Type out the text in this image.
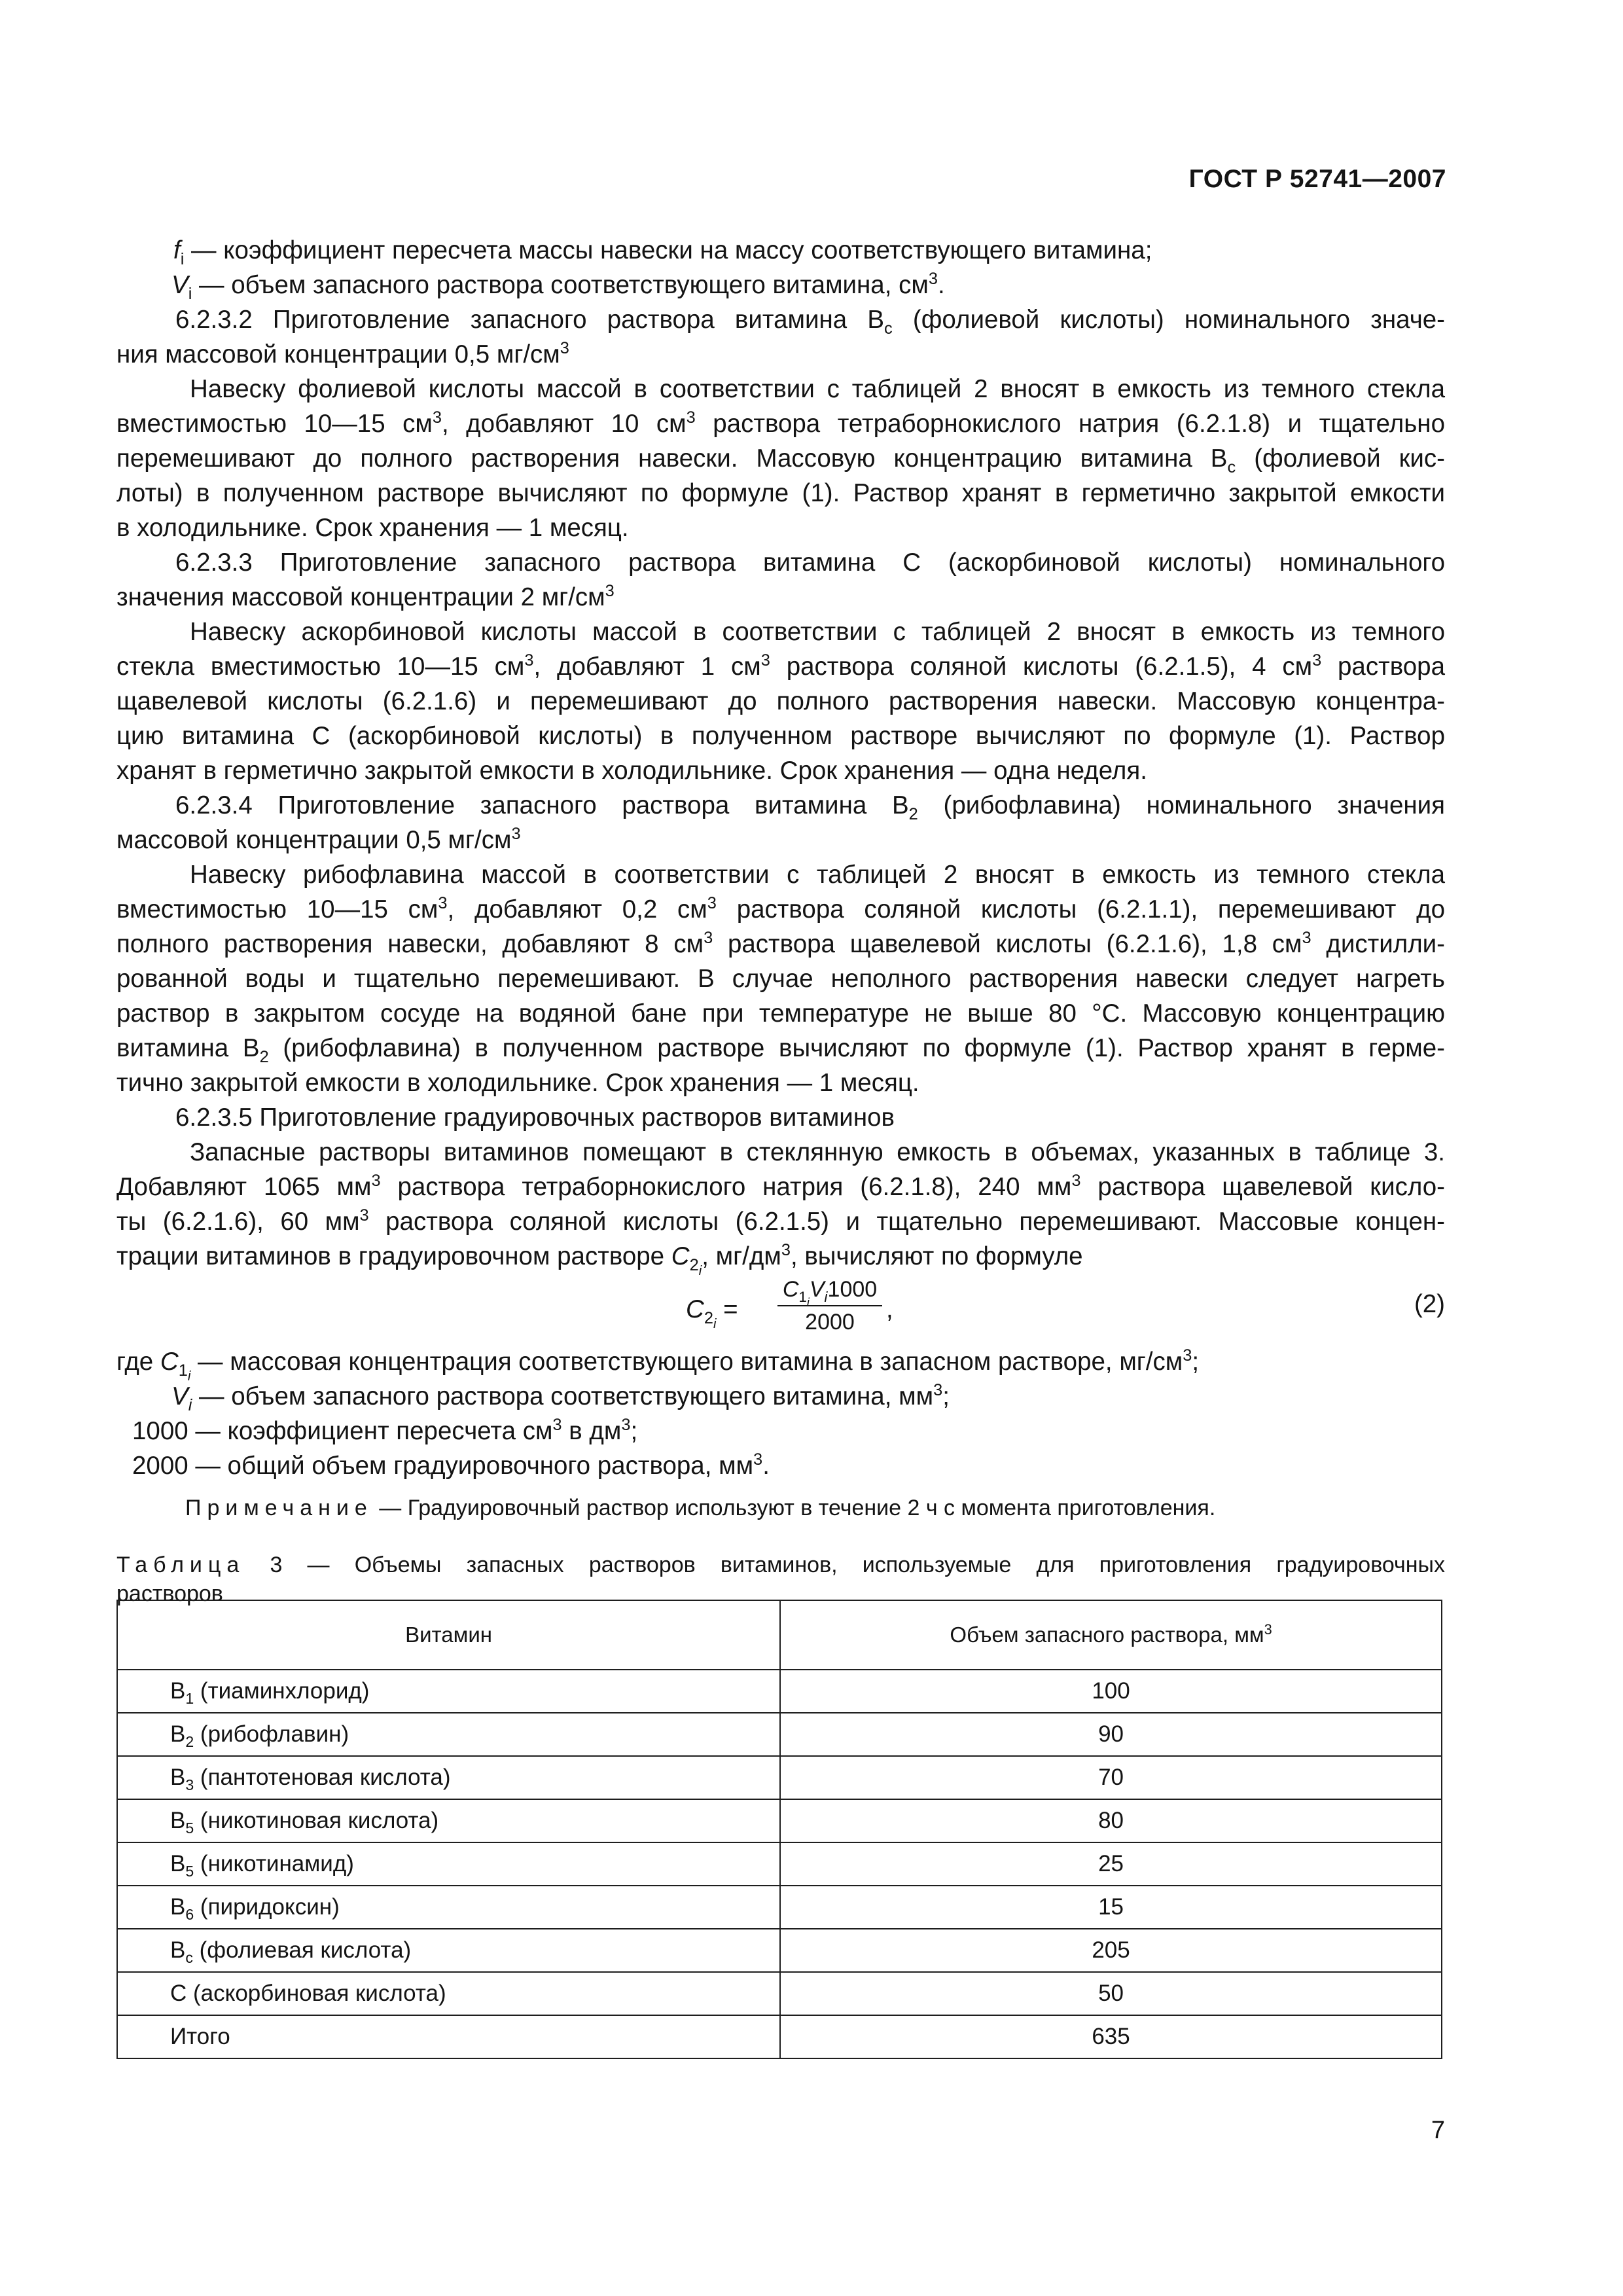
ГОСТ Р 52741—2007
$f_i$ — коэффициент пересчета массы навески на массу соответствующего витамина;
$V_i$ — объем запасного раствора соответствующего витамина, $см^3$.
6.2.3.2 Приготовление запасного раствора витамина $B_c$ (фолиевой кислоты) номинального значе-
ния массовой концентрации 0,5 $мг/см^3$
Навеску фолиевой кислоты массой в соответствии с таблицей 2 вносят в емкость из темного стекла
вместимостью 10—15 $см^3$, добавляют 10 $см^3$ раствора тетраборнокислого натрия (6.2.1.8) и тщательно
перемешивают до полного растворения навески. Массовую концентрацию витамина $B_c$ (фолиевой кис-
лоты) в полученном растворе вычисляют по формуле (1). Раствор хранят в герметично закрытой емкости
в холодильнике. Срок хранения — 1 месяц.
6.2.3.3 Приготовление запасного раствора витамина С (аскорбиновой кислоты) номинального
значения массовой концентрации 2 $мг/см^3$
Навеску аскорбиновой кислоты массой в соответствии с таблицей 2 вносят в емкость из темного
стекла вместимостью 10—15 $см^3$, добавляют 1 $см^3$ раствора соляной кислоты (6.2.1.5), 4 $см^3$ раствора
щавелевой кислоты (6.2.1.6) и перемешивают до полного растворения навески. Массовую концентра-
цию витамина С (аскорбиновой кислоты) в полученном растворе вычисляют по формуле (1). Раствор
хранят в герметично закрытой емкости в холодильнике. Срок хранения — одна неделя.
6.2.3.4 Приготовление запасного раствора витамина $B_2$ (рибофлавина) номинального значения
массовой концентрации 0,5 $мг/см^3$
Навеску рибофлавина массой в соответствии с таблицей 2 вносят в емкость из темного стекла
вместимостью 10—15 $см^3$, добавляют 0,2 $см^3$ раствора соляной кислоты (6.2.1.1), перемешивают до
полного растворения навески, добавляют 8 $см^3$ раствора щавелевой кислоты (6.2.1.6), 1,8 $см^3$ дистилли-
рованной воды и тщательно перемешивают. В случае неполного растворения навески следует нагреть
раствор в закрытом сосуде на водяной бане при температуре не выше 80 °С. Массовую концентрацию
витамина $B_2$ (рибофлавина) в полученном растворе вычисляют по формуле (1). Раствор хранят в гермe-
тично закрытой емкости в холодильнике. Срок хранения — 1 месяц.
6.2.3.5 Приготовление градуировочных растворов витаминов
Запасные растворы витаминов помещают в стеклянную емкость в объемах, указанных в таблице 3.
Добавляют 1065 $мм^3$ раствора тетраборнокислого натрия (6.2.1.8), 240 $мм^3$ раствора щавелевой кисло-
ты (6.2.1.6), 60 $мм^3$ раствора соляной кислоты (6.2.1.5) и тщательно перемешивают. Массовые концен-
трации витаминов в градуировочном растворе $C_{2_i}$, $мг/дм^3$, вычисляют по формуле
$C_{2_i}$ =
$C_{1_i}V_i1000$
2000	,	(2)
где $C_{1_i}$ — массовая концентрация соответствующего витамина в запасном растворе, $мг/см^3$;
$V_i$ — объем запасного раствора соответствующего витамина, $мм^3$;
1000 — коэффициент пересчета $см^3$ в $дм^3$;
2000 — общий объем градуировочного раствора, $мм^3$.
Примечание — Градуировочный раствор используют в течение 2 ч с момента приготовления.
Таблица 3 — Объемы запасных растворов витаминов, используемые для приготовления градуировочных
растворов
Витамин	Объем запасного раствора, $мм^3$
$B_1$ (тиаминхлорид)	100
$B_2$ (рибофлавин)	90
$B_3$ (пантотеновая кислота)	70
$B_5$ (никотиновая кислота)	80
$B_5$ (никотинамид)	25
$B_6$ (пиридоксин)	15
$B_c$ (фолиевая кислота)	205
С (аскорбиновая кислота)	50
Итого	635
7
